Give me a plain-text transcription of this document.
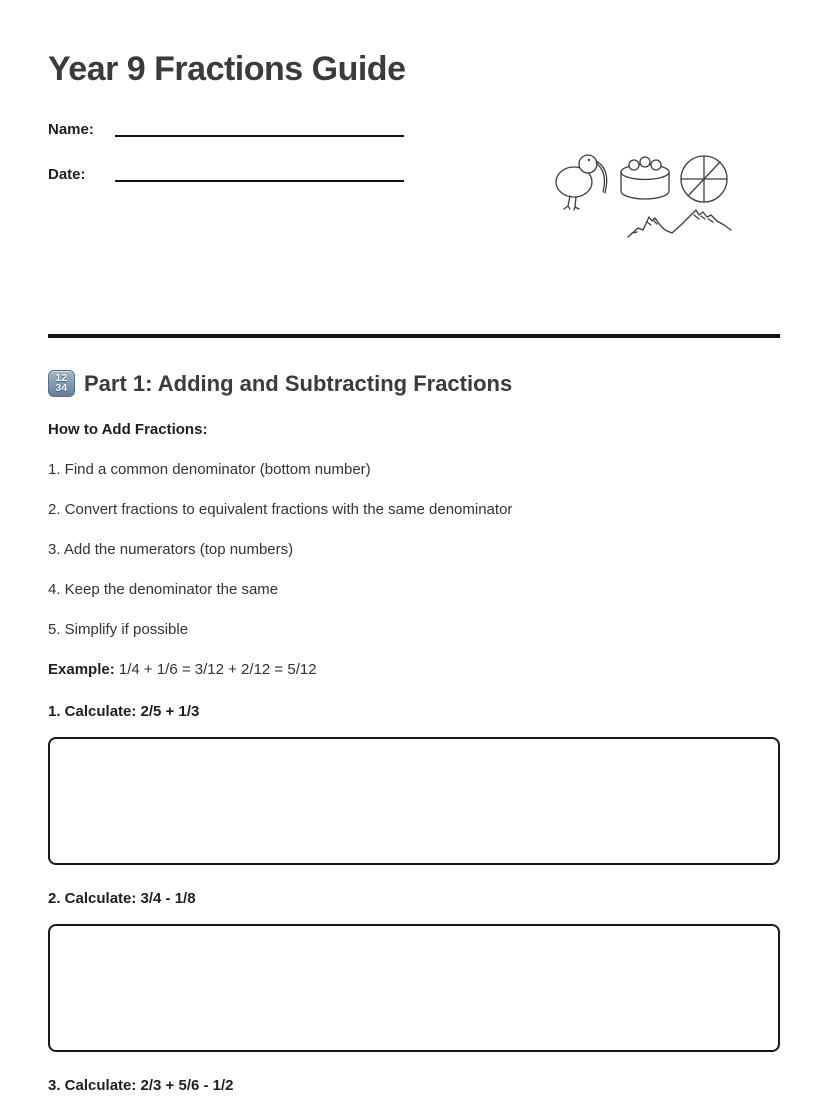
Year 9 Fractions Guide
Name:
Date:
12
34 Part 1: Adding and Subtracting Fractions

How to Add Fractions:

1. Find a common denominator (bottom number)

2. Convert fractions to equivalent fractions with the same denominator

3. Add the numerators (top numbers)

4. Keep the denominator the same

5. Simplify if possible

Example: 1/4 + 1/6 = 3/12 + 2/12 = 5/12

1. Calculate: 2/5 + 1/3

2. Calculate: 3/4 - 1/8

3. Calculate: 2/3 + 5/6 - 1/2
